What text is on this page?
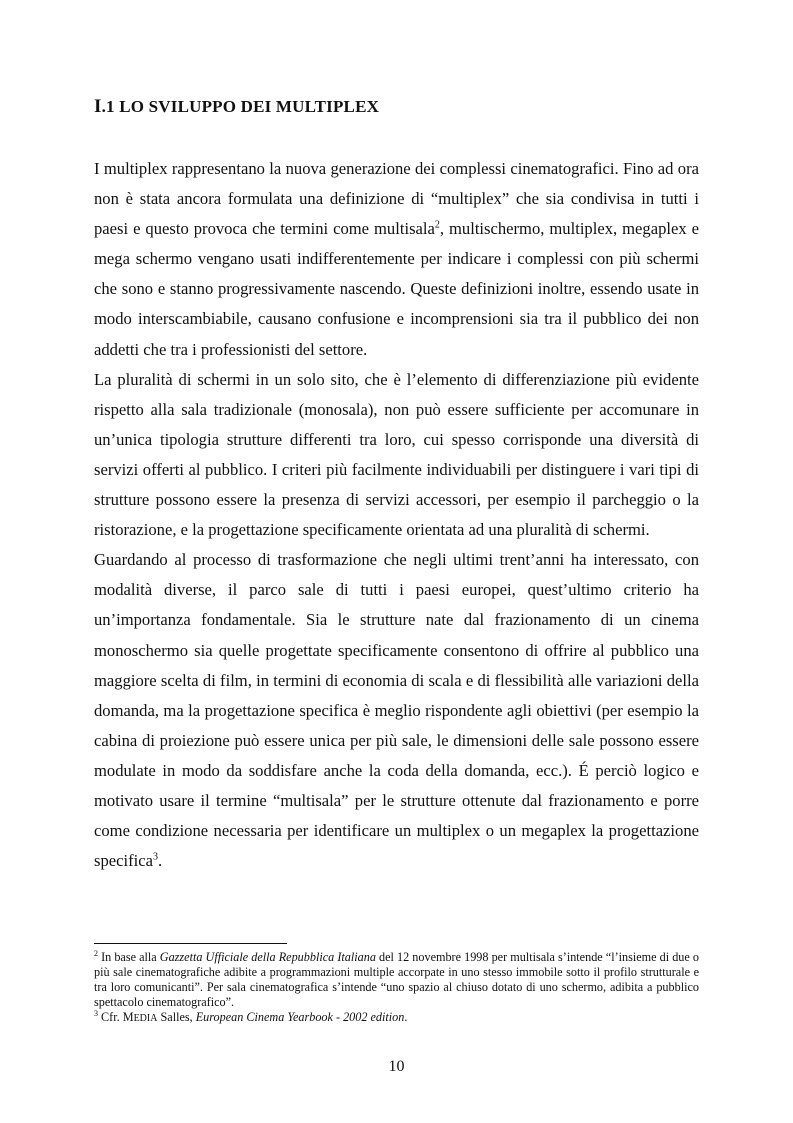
I.1 LO SVILUPPO DEI MULTIPLEX

I multiplex rappresentano la nuova generazione dei complessi cinematografici. Fino ad ora non è stata ancora formulata una definizione di “multiplex” che sia condivisa in tutti i paesi e questo provoca che termini come multisala$^2$, multischermo, multiplex, megaplex e mega schermo vengano usati indifferentemente per indicare i complessi con più schermi che sono e stanno progressivamente nascendo. Queste definizioni inoltre, essendo usate in modo interscambiabile, causano confusione e incomprensioni sia tra il pubblico dei non addetti che tra i professionisti del settore.

La pluralità di schermi in un solo sito, che è l’elemento di differenziazione più evidente rispetto alla sala tradizionale (monosala), non può essere sufficiente per accomunare in un’unica tipologia strutture differenti tra loro, cui spesso corrisponde una diversità di servizi offerti al pubblico. I criteri più facilmente individuabili per distinguere i vari tipi di strutture possono essere la presenza di servizi accessori, per esempio il parcheggio o la ristorazione, e la progettazione specificamente orientata ad una pluralità di schermi.

Guardando al processo di trasformazione che negli ultimi trent’anni ha interessato, con modalità diverse, il parco sale di tutti i paesi europei, quest’ultimo criterio ha un’importanza fondamentale. Sia le strutture nate dal frazionamento di un cinema monoschermo sia quelle progettate specificamente consentono di offrire al pubblico una maggiore scelta di film, in termini di economia di scala e di flessibilità alle variazioni della domanda, ma la progettazione specifica è meglio rispondente agli obiettivi (per esempio la cabina di proiezione può essere unica per più sale, le dimensioni delle sale possono essere modulate in modo da soddisfare anche la coda della domanda, ecc.). É perciò logico e motivato usare il termine “multisala” per le strutture ottenute dal frazionamento e porre come condizione necessaria per identificare un multiplex o un megaplex la progettazione specifica$^3$.

$^2$ In base alla Gazzetta Ufficiale della Repubblica Italiana del 12 novembre 1998 per multisala s’intende “l’insieme di due o più sale cinematografiche adibite a programmazioni multiple accorpate in uno stesso immobile sotto il profilo strutturale e tra loro comunicanti”. Per sala cinematografica s’intende “uno spazio al chiuso dotato di uno schermo, adibita a pubblico spettacolo cinematografico”.

$^3$ Cfr. MEDIA Salles, European Cinema Yearbook - 2002 edition.

10
